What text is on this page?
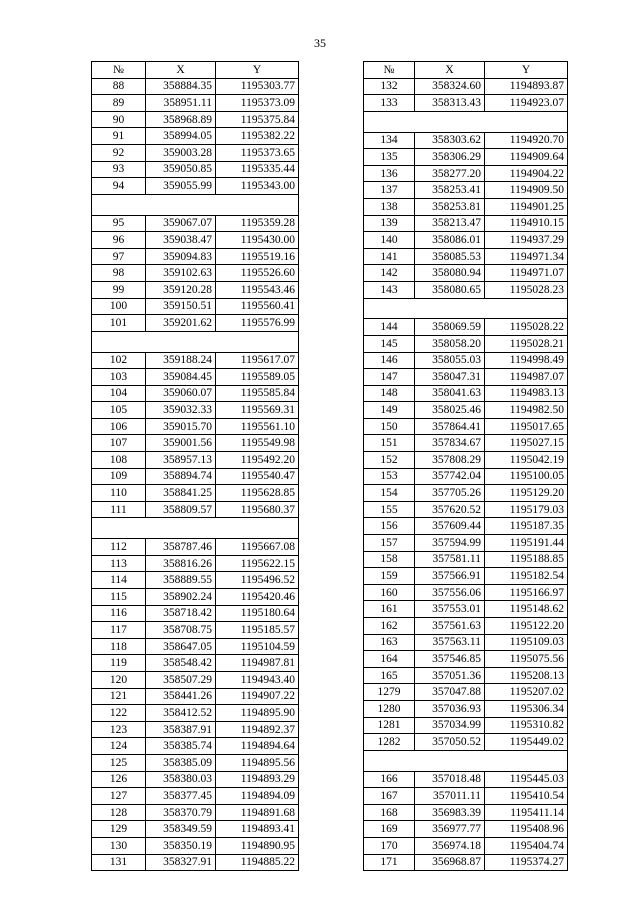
35
№	X	Y
88	358884.35	1195303.77
89	358951.11	1195373.09
90	358968.89	1195375.84
91	358994.05	1195382.22
92	359003.28	1195373.65
93	359050.85	1195335.44
94	359055.99	1195343.00

95	359067.07	1195359.28
96	359038.47	1195430.00
97	359094.83	1195519.16
98	359102.63	1195526.60
99	359120.28	1195543.46
100	359150.51	1195560.41
101	359201.62	1195576.99

102	359188.24	1195617.07
103	359084.45	1195589.05
104	359060.07	1195585.84
105	359032.33	1195569.31
106	359015.70	1195561.10
107	359001.56	1195549.98
108	358957.13	1195492.20
109	358894.74	1195540.47
110	358841.25	1195628.85
111	358809.57	1195680.37

112	358787.46	1195667.08
113	358816.26	1195622.15
114	358889.55	1195496.52
115	358902.24	1195420.46
116	358718.42	1195180.64
117	358708.75	1195185.57
118	358647.05	1195104.59
119	358548.42	1194987.81
120	358507.29	1194943.40
121	358441.26	1194907.22
122	358412.52	1194895.90
123	358387.91	1194892.37
124	358385.74	1194894.64
125	358385.09	1194895.56
126	358380.03	1194893.29
127	358377.45	1194894.09
128	358370.79	1194891.68
129	358349.59	1194893.41
130	358350.19	1194890.95
131	358327.91	1194885.22
№	X	Y
132	358324.60	1194893.87
133	358313.43	1194923.07

134	358303.62	1194920.70
135	358306.29	1194909.64
136	358277.20	1194904.22
137	358253.41	1194909.50
138	358253.81	1194901.25
139	358213.47	1194910.15
140	358086.01	1194937.29
141	358085.53	1194971.34
142	358080.94	1194971.07
143	358080.65	1195028.23

144	358069.59	1195028.22
145	358058.20	1195028.21
146	358055.03	1194998.49
147	358047.31	1194987.07
148	358041.63	1194983.13
149	358025.46	1194982.50
150	357864.41	1195017.65
151	357834.67	1195027.15
152	357808.29	1195042.19
153	357742.04	1195100.05
154	357705.26	1195129.20
155	357620.52	1195179.03
156	357609.44	1195187.35
157	357594.99	1195191.44
158	357581.11	1195188.85
159	357566.91	1195182.54
160	357556.06	1195166.97
161	357553.01	1195148.62
162	357561.63	1195122.20
163	357563.11	1195109.03
164	357546.85	1195075.56
165	357051.36	1195208.13
1279	357047.88	1195207.02
1280	357036.93	1195306.34
1281	357034.99	1195310.82
1282	357050.52	1195449.02

166	357018.48	1195445.03
167	357011.11	1195410.54
168	356983.39	1195411.14
169	356977.77	1195408.96
170	356974.18	1195404.74
171	356968.87	1195374.27
